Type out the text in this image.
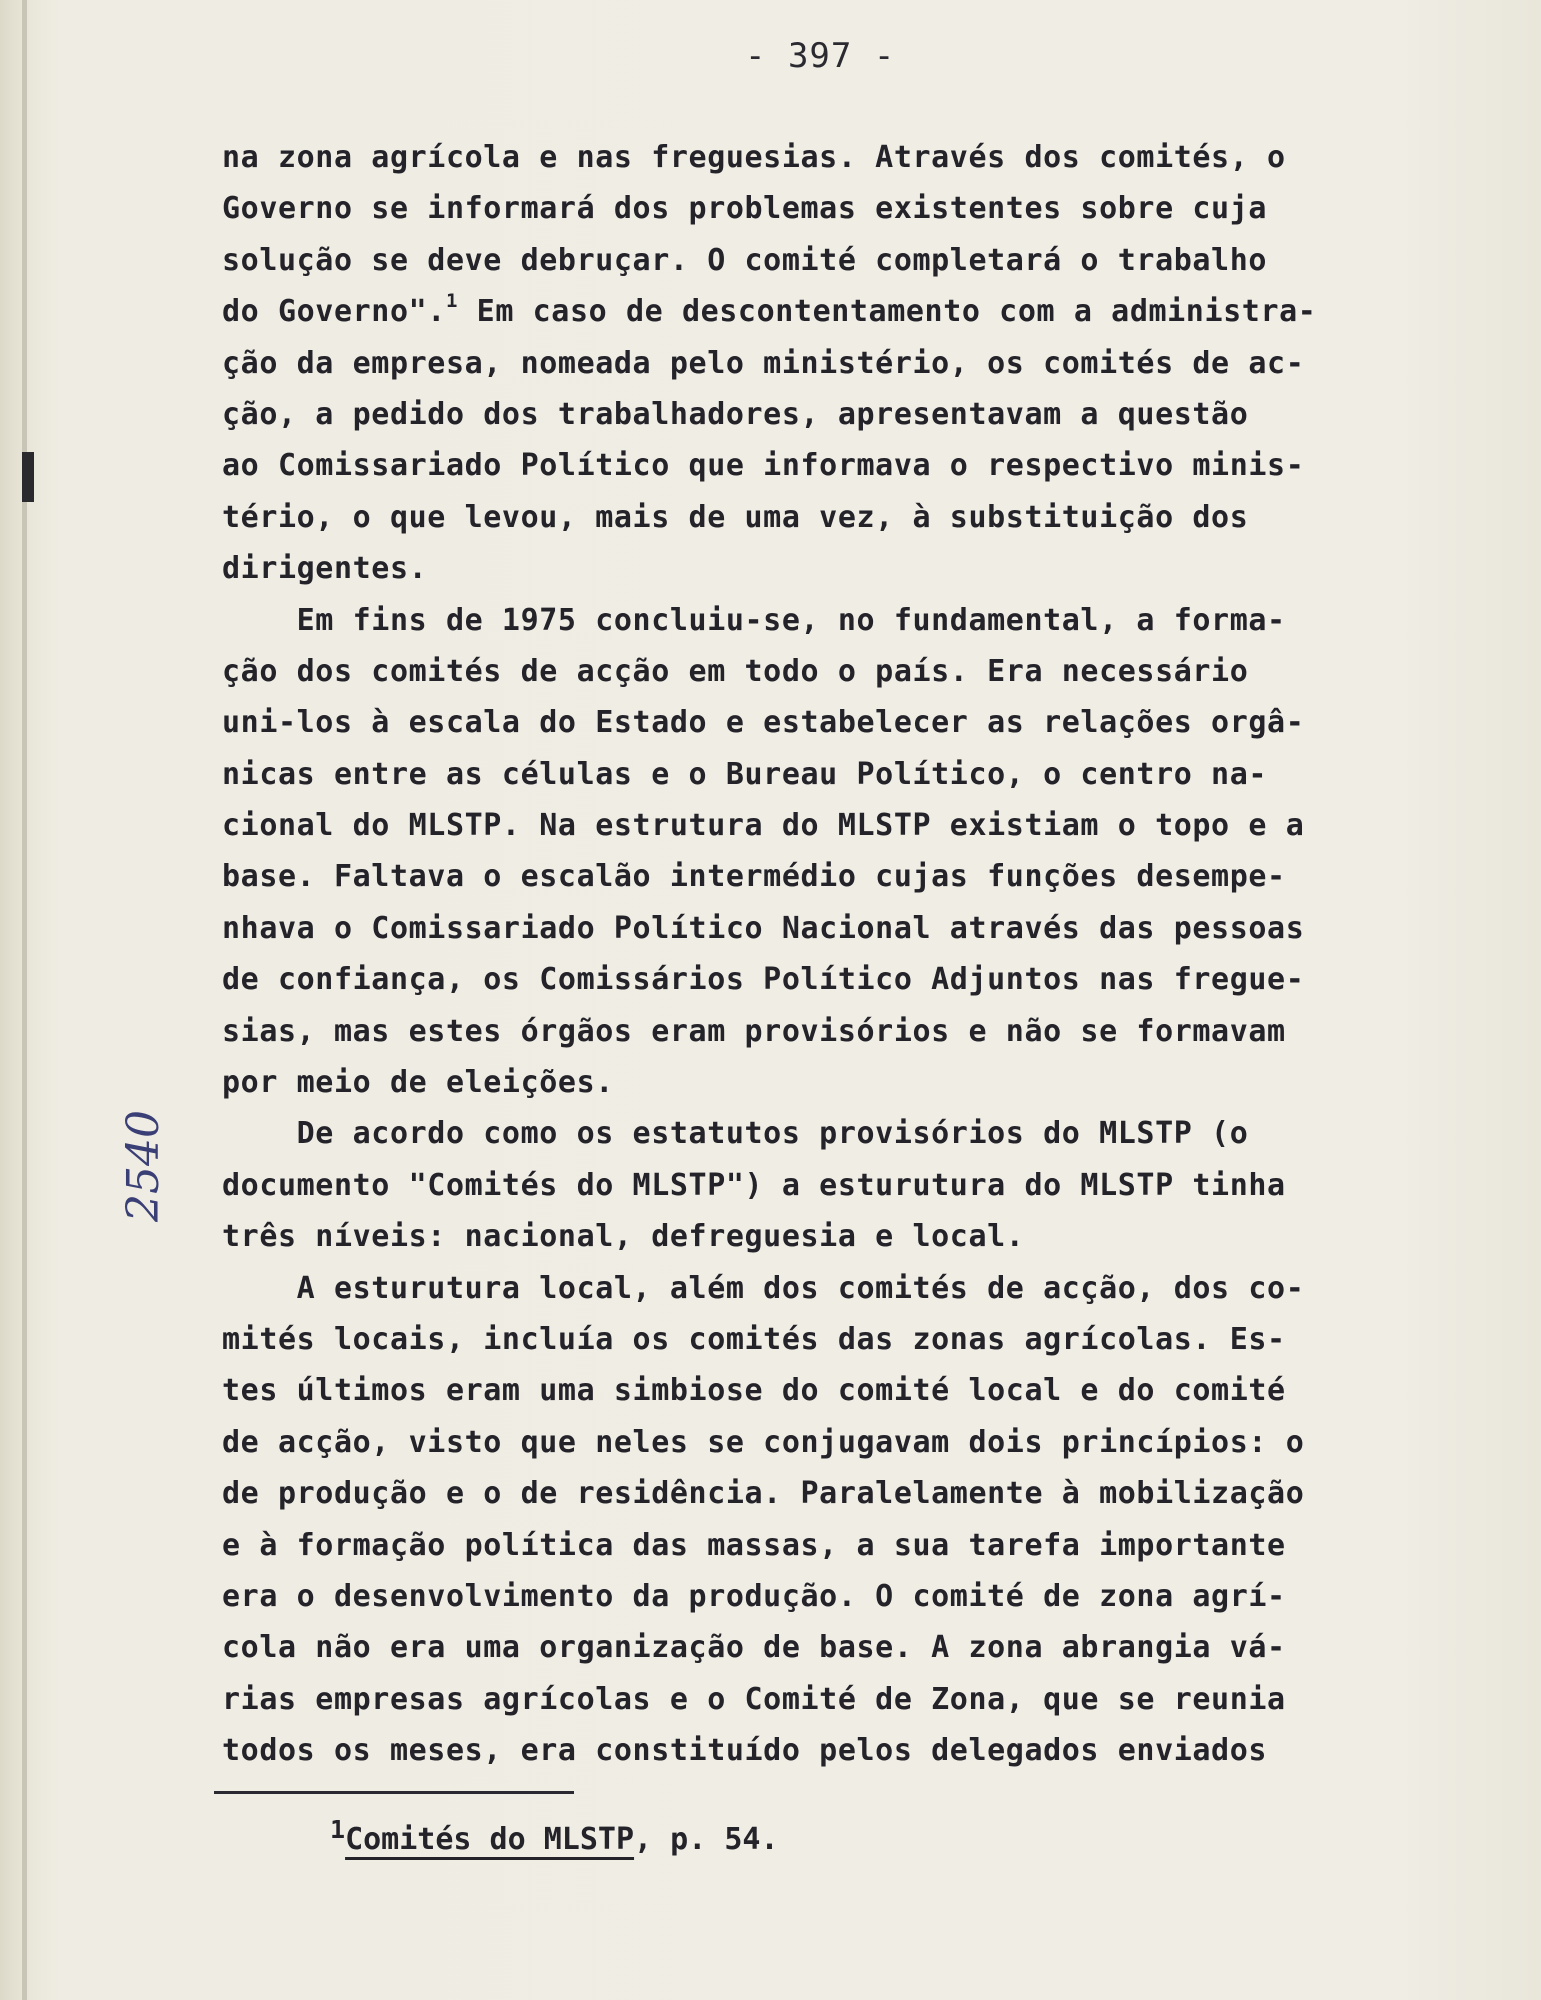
- 397 -
na zona agrícola e nas freguesias. Através dos comités, o
Governo se informará dos problemas existentes sobre cuja
solução se deve debruçar. O comité completará o trabalho
do Governo".$^1$ Em caso de descontentamento com a administra-
ção da empresa, nomeada pelo ministério, os comités de ac-
ção, a pedido dos trabalhadores, apresentavam a questão
ao Comissariado Político que informava o respectivo minis-
tério, o que levou, mais de uma vez, à substituição dos
dirigentes.
Em fins de 1975 concluiu-se, no fundamental, a forma-
ção dos comités de acção em todo o país. Era necessário
uni-los à escala do Estado e estabelecer as relações orgâ-
nicas entre as células e o Bureau Político, o centro na-
cional do MLSTP. Na estrutura do MLSTP existiam o topo e a
base. Faltava o escalão intermédio cujas funções desempe-
nhava o Comissariado Político Nacional através das pessoas
de confiança, os Comissários Político Adjuntos nas fregue-
sias, mas estes órgãos eram provisórios e não se formavam
por meio de eleições.
De acordo como os estatutos provisórios do MLSTP (o
documento "Comités do MLSTP") a esturutura do MLSTP tinha
três níveis: nacional, defreguesia e local.
A esturutura local, além dos comités de acção, dos co-
mités locais, incluía os comités das zonas agrícolas. Es-
tes últimos eram uma simbiose do comité local e do comité
de acção, visto que neles se conjugavam dois princípios: o
de produção e o de residência. Paralelamente à mobilização
e à formação política das massas, a sua tarefa importante
era o desenvolvimento da produção. O comité de zona agrí-
cola não era uma organização de base. A zona abrangia vá-
rias empresas agrícolas e o Comité de Zona, que se reunia
todos os meses, era constituído pelos delegados enviados
$^1$Comités do MLSTP, p. 54.
2540
